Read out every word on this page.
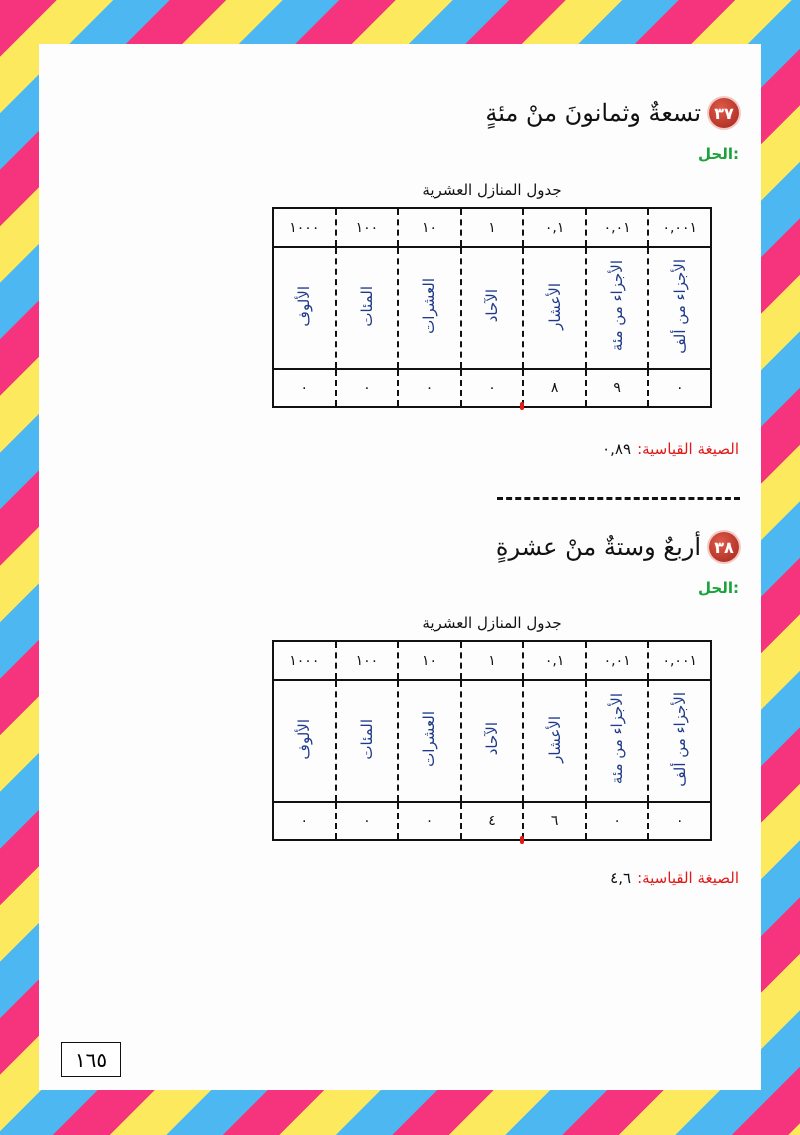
٣٧
تسعةٌ وثمانونَ منْ مئةٍ
الحل:
جدول المنازل العشرية
٠,٠٠١	٠,٠١	٠,١	١	١٠	١٠٠	١٠٠٠
الأجزاء من ألف	الأجزاء من مئة	الأعشار	الآحاد	العشرات	المئات	الألوف
٠	٩	٨	٠	٠	٠	٠
الصيغة القياسية:٠,٨٩
٣٨
أربعٌ وستةٌ منْ عشرةٍ
الحل:
جدول المنازل العشرية
٠,٠٠١	٠,٠١	٠,١	١	١٠	١٠٠	١٠٠٠
الأجزاء من ألف	الأجزاء من مئة	الأعشار	الآحاد	العشرات	المئات	الألوف
٠	٠	٦	٤	٠	٠	٠
الصيغة القياسية:٤,٦
١٦٥
